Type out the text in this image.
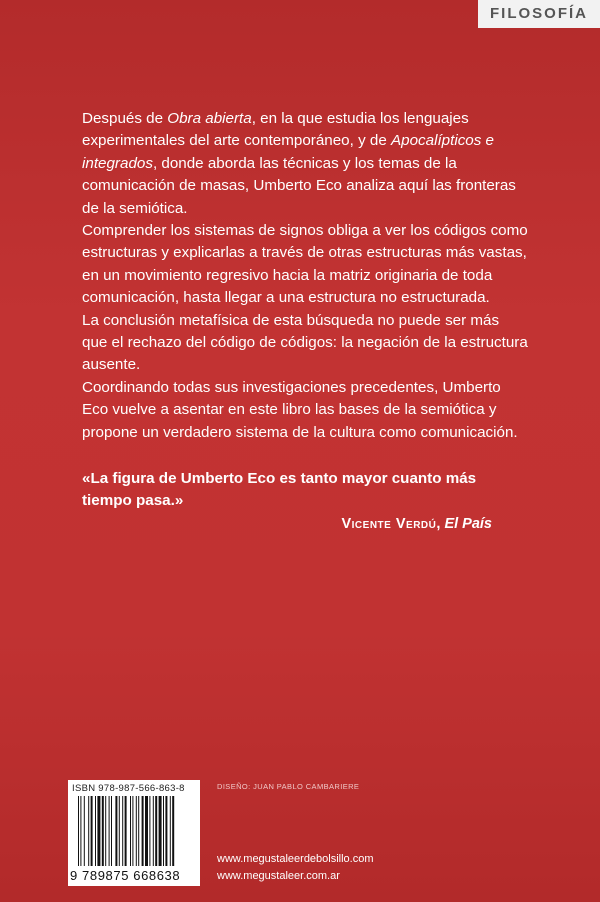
FILOSOFÍA

Después de Obra abierta, en la que estudia los lenguajes experimentales del arte contemporáneo, y de Apocalípticos e integrados, donde aborda las técnicas y los temas de la comunicación de masas, Umberto Eco analiza aquí las fronteras de la semiótica.

Comprender los sistemas de signos obliga a ver los códigos como estructuras y explicarlas a través de otras estructuras más vastas, en un movimiento regresivo hacia la matriz originaria de toda comunicación, hasta llegar a una estructura no estructurada.

La conclusión metafísica de esta búsqueda no puede ser más que el rechazo del código de códigos: la negación de la estructura ausente.

Coordinando todas sus investigaciones precedentes, Umberto Eco vuelve a asentar en este libro las bases de la semiótica y propone un verdadero sistema de la cultura como comunicación.

«La figura de Umberto Eco es tanto mayor cuanto más tiempo pasa.»
Vicente Verdú, El País
ISBN 978-987-566-863-8
9 789875 668638
DISEÑO: JUAN PABLO CAMBARIERE
www.megustaleerdebolsillo.com
www.megustaleer.com.ar
